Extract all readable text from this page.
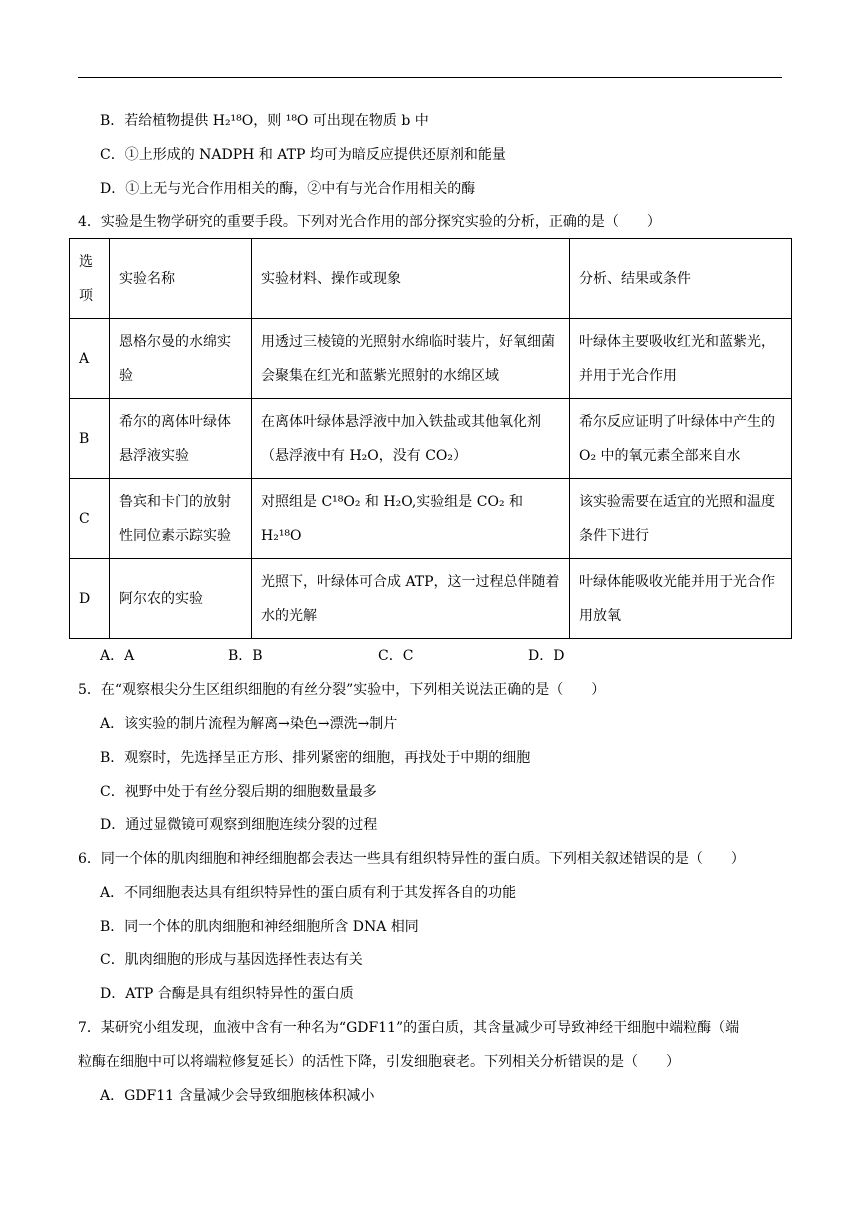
B．若给植物提供 H₂¹⁸O，则 ¹⁸O 可出现在物质 b 中
C．①上形成的 NADPH 和 ATP 均可为暗反应提供还原剂和能量
D．①上无与光合作用相关的酶，②中有与光合作用相关的酶
4．实验是生物学研究的重要手段。下列对光合作用的部分探究实验的分析，正确的是（　　）
选项	实验名称	实验材料、操作或现象	分析、结果或条件
A	恩格尔曼的水绵实验	用透过三棱镜的光照射水绵临时装片，好氧细菌会聚集在红光和蓝紫光照射的水绵区域	叶绿体主要吸收红光和蓝紫光，并用于光合作用
B	希尔的离体叶绿体悬浮液实验	在离体叶绿体悬浮液中加入铁盐或其他氧化剂（悬浮液中有 H₂O，没有 CO₂）	希尔反应证明了叶绿体中产生的 O₂ 中的氧元素全部来自水
C	鲁宾和卡门的放射性同位素示踪实验	对照组是 C¹⁸O₂ 和 H₂O,实验组是 CO₂ 和 H₂¹⁸O	该实验需要在适宜的光照和温度条件下进行
D	阿尔农的实验	光照下，叶绿体可合成 ATP，这一过程总伴随着水的光解	叶绿体能吸收光能并用于光合作用放氧
A．A	B．B	C．C	D．D
5．在“观察根尖分生区组织细胞的有丝分裂”实验中，下列相关说法正确的是（　　）
A．该实验的制片流程为解离→染色→漂洗→制片
B．观察时，先选择呈正方形、排列紧密的细胞，再找处于中期的细胞
C．视野中处于有丝分裂后期的细胞数量最多
D．通过显微镜可观察到细胞连续分裂的过程
6．同一个体的肌肉细胞和神经细胞都会表达一些具有组织特异性的蛋白质。下列相关叙述错误的是（　　）
A．不同细胞表达具有组织特异性的蛋白质有利于其发挥各自的功能
B．同一个体的肌肉细胞和神经细胞所含 DNA 相同
C．肌肉细胞的形成与基因选择性表达有关
D．ATP 合酶是具有组织特异性的蛋白质
7．某研究小组发现，血液中含有一种名为“GDF11”的蛋白质，其含量减少可导致神经干细胞中端粒酶（端
粒酶在细胞中可以将端粒修复延长）的活性下降，引发细胞衰老。下列相关分析错误的是（　　）
A．GDF11 含量减少会导致细胞核体积减小
